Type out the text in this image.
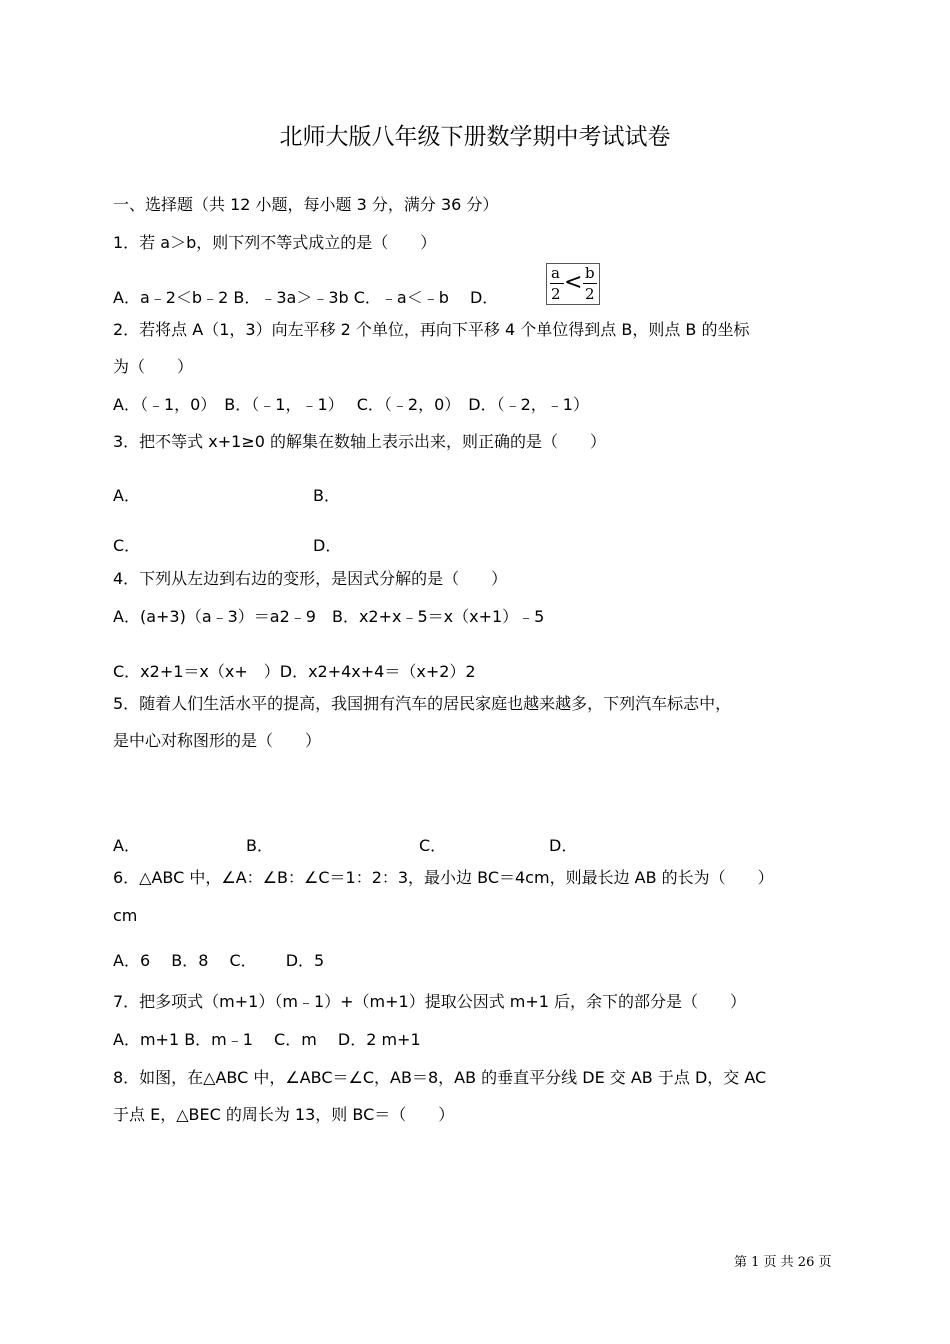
北师大版八年级下册数学期中考试试卷
一、选择题（共 12 小题，每小题 3 分，满分 36 分）
1．若 a＞b，则下列不等式成立的是（　　）
A．a﹣2＜b﹣2 B．﹣3a＞﹣3b C．﹣a＜﹣b　 D．
a
2 < b
2
2．若将点 A（1，3）向左平移 2 个单位，再向下平移 4 个单位得到点 B，则点 B 的坐标
为（　　）
A．（﹣1，0）　B．（﹣1，﹣1）　 C．（﹣2，0）　D．（﹣2，﹣1）
3．把不等式 x+1≥0 的解集在数轴上表示出来，则正确的是（　　）
A．	B．
C．	D．
4．下列从左边到右边的变形，是因式分解的是（　　）
A．(a+3)（a﹣3）＝a2﹣9　B．x2+x﹣5＝x（x+1）﹣5
C．x2+1＝x（x+　）D．x2+4x+4＝（x+2）2
5．随着人们生活水平的提高，我国拥有汽车的居民家庭也越来越多，下列汽车标志中，
是中心对称图形的是（　　）
A．	B．	C．	D．
6．△ABC 中，∠A：∠B：∠C＝1：2：3，最小边 BC＝4cm，则最长边 AB 的长为（　　）
cm
A．6　 B．8　 C．　　 D．5
7．把多项式（m+1）（m﹣1）+（m+1）提取公因式 m+1 后，余下的部分是（　　）
A．m+1 B．m﹣1　 C．m　 D．2 m+1
8．如图，在△ABC 中，∠ABC＝∠C，AB＝8，AB 的垂直平分线 DE 交 AB 于点 D，交 AC
于点 E，△BEC 的周长为 13，则 BC＝（　　）
第 1 页 共 26 页
